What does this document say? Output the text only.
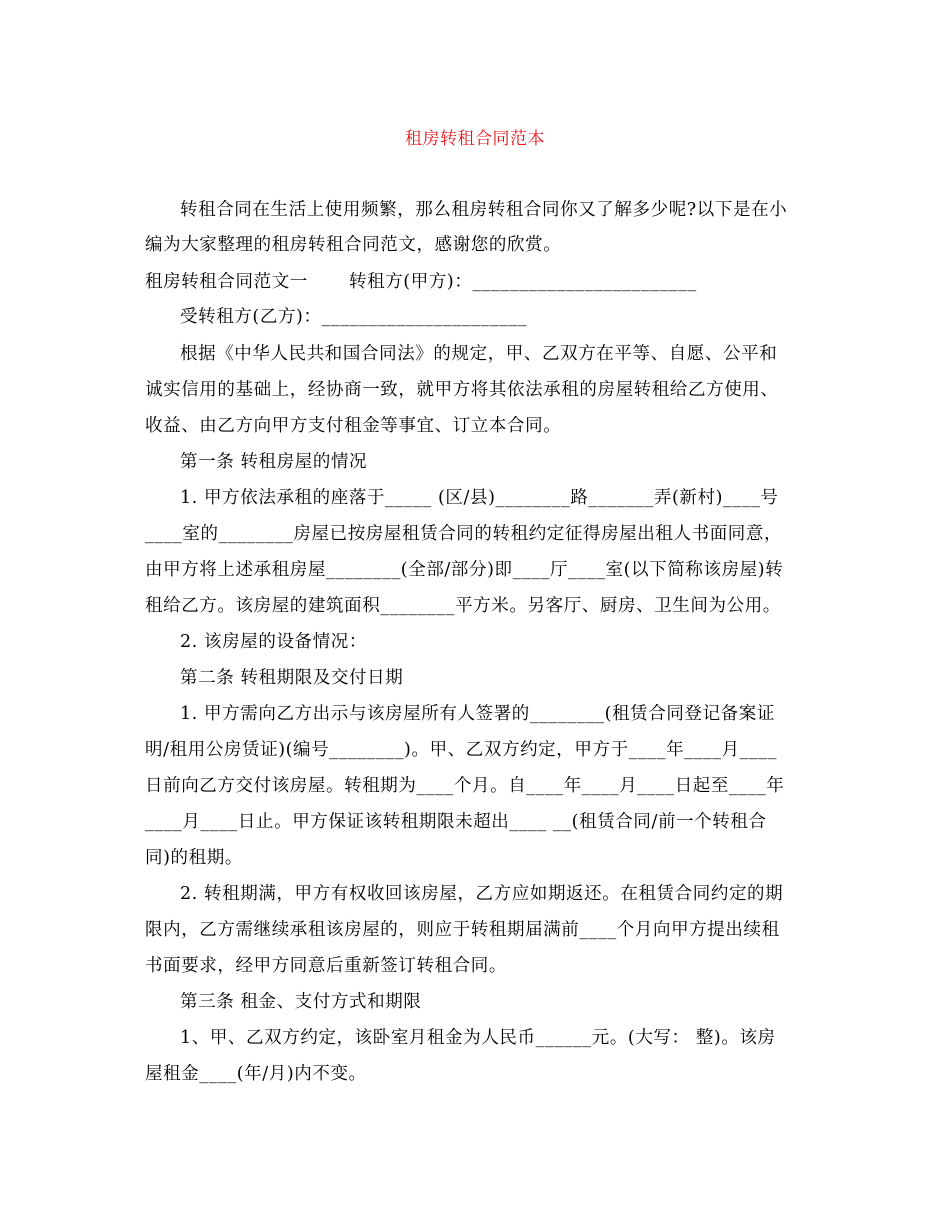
租房转租合同范本
转租合同在生活上使用频繁，那么租房转租合同你又了解多少呢?以下是在小
编为大家整理的租房转租合同范文，感谢您的欣赏。
租房转租合同范文一 转租方(甲方)：________________________
受转租方(乙方)：______________________
根据《中华人民共和国合同法》的规定，甲、乙双方在平等、自愿、公平和
诚实信用的基础上，经协商一致，就甲方将其依法承租的房屋转租给乙方使用、
收益、由乙方向甲方支付租金等事宜、订立本合同。
第一条 转租房屋的情况
1. 甲方依法承租的座落于_____ (区/县)________路_______弄(新村)____号
____室的________房屋已按房屋租赁合同的转租约定征得房屋出租人书面同意，
由甲方将上述承租房屋________(全部/部分)即____厅____室(以下简称该房屋)转
租给乙方。该房屋的建筑面积________平方米。另客厅、厨房、卫生间为公用。
2. 该房屋的设备情况：
第二条 转租期限及交付日期
1. 甲方需向乙方出示与该房屋所有人签署的________(租赁合同登记备案证
明/租用公房赁证)(编号________)。甲、乙双方约定，甲方于____年____月____
日前向乙方交付该房屋。转租期为____个月。自____年____月____日起至____年
____月____日止。甲方保证该转租期限未超出____ __(租赁合同/前一个转租合
同)的租期。
2. 转租期满，甲方有权收回该房屋，乙方应如期返还。在租赁合同约定的期
限内，乙方需继续承租该房屋的，则应于转租期届满前____个月向甲方提出续租
书面要求，经甲方同意后重新签订转租合同。
第三条 租金、支付方式和期限
1、甲、乙双方约定，该卧室月租金为人民币______元。(大写： 整)。该房
屋租金____(年/月)内不变。
